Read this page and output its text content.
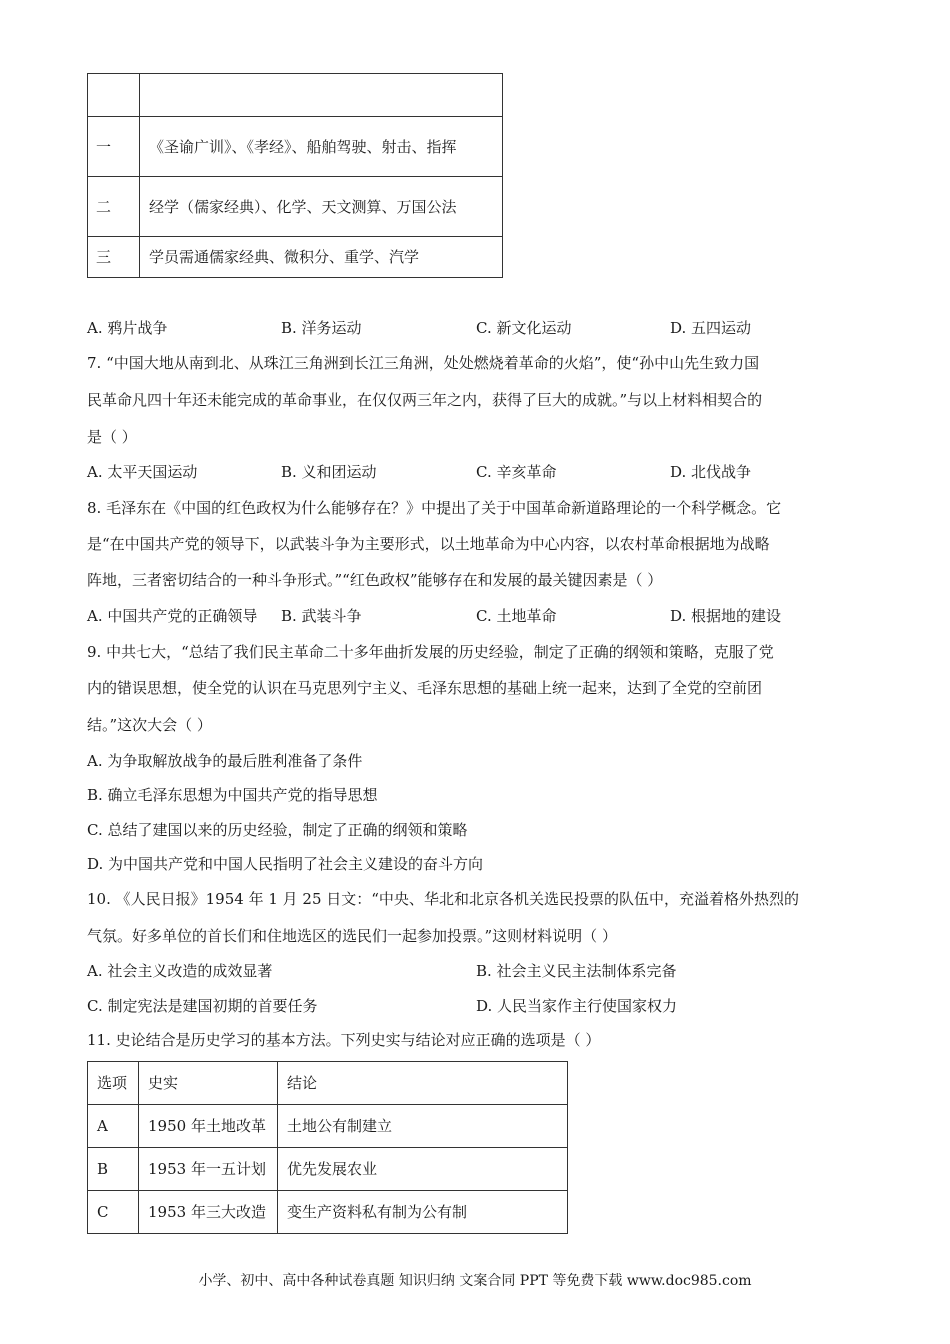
一	《圣谕广训》、《孝经》、船舶驾驶、射击、指挥
二	经学（儒家经典）、化学、天文测算、万国公法
三	学员需通儒家经典、微积分、重学、汽学
A. 鸦片战争	B. 洋务运动	C. 新文化运动	D. 五四运动
7. “中国大地从南到北、从珠江三角洲到长江三角洲，处处燃烧着革命的火焰”，使“孙中山先生致力国
民革命凡四十年还未能完成的革命事业，在仅仅两三年之内，获得了巨大的成就。”与以上材料相契合的
是（ ）
A. 太平天国运动	B. 义和团运动	C. 辛亥革命	D. 北伐战争
8. 毛泽东在《中国的红色政权为什么能够存在？》中提出了关于中国革命新道路理论的一个科学概念。它
是“在中国共产党的领导下，以武装斗争为主要形式，以土地革命为中心内容，以农村革命根据地为战略
阵地，三者密切结合的一种斗争形式。”“红色政权”能够存在和发展的最关键因素是（ ）
A. 中国共产党的正确领导 B. 武装斗争	C. 土地革命	D. 根据地的建设
9. 中共七大，“总结了我们民主革命二十多年曲折发展的历史经验，制定了正确的纲领和策略，克服了党
内的错误思想，使全党的认识在马克思列宁主义、毛泽东思想的基础上统一起来，达到了全党的空前团
结。”这次大会（ ）
A. 为争取解放战争的最后胜利准备了条件
B. 确立毛泽东思想为中国共产党的指导思想
C. 总结了建国以来的历史经验，制定了正确的纲领和策略
D. 为中国共产党和中国人民指明了社会主义建设的奋斗方向
10. 《人民日报》1954 年 1 月 25 日文：“中央、华北和北京各机关选民投票的队伍中，充溢着格外热烈的
气氛。好多单位的首长们和住地选区的选民们一起参加投票。”这则材料说明（ ）
A. 社会主义改造的成效显著	B. 社会主义民主法制体系完备
C. 制定宪法是建国初期的首要任务	D. 人民当家作主行使国家权力
11. 史论结合是历史学习的基本方法。下列史实与结论对应正确的选项是（ ）
选项	史实	结论
A	1950 年土地改革	土地公有制建立
B	1953 年一五计划	优先发展农业
C	1953 年三大改造	变生产资料私有制为公有制
小学、初中、高中各种试卷真题 知识归纳 文案合同 PPT 等免费下载 www.doc985.com
